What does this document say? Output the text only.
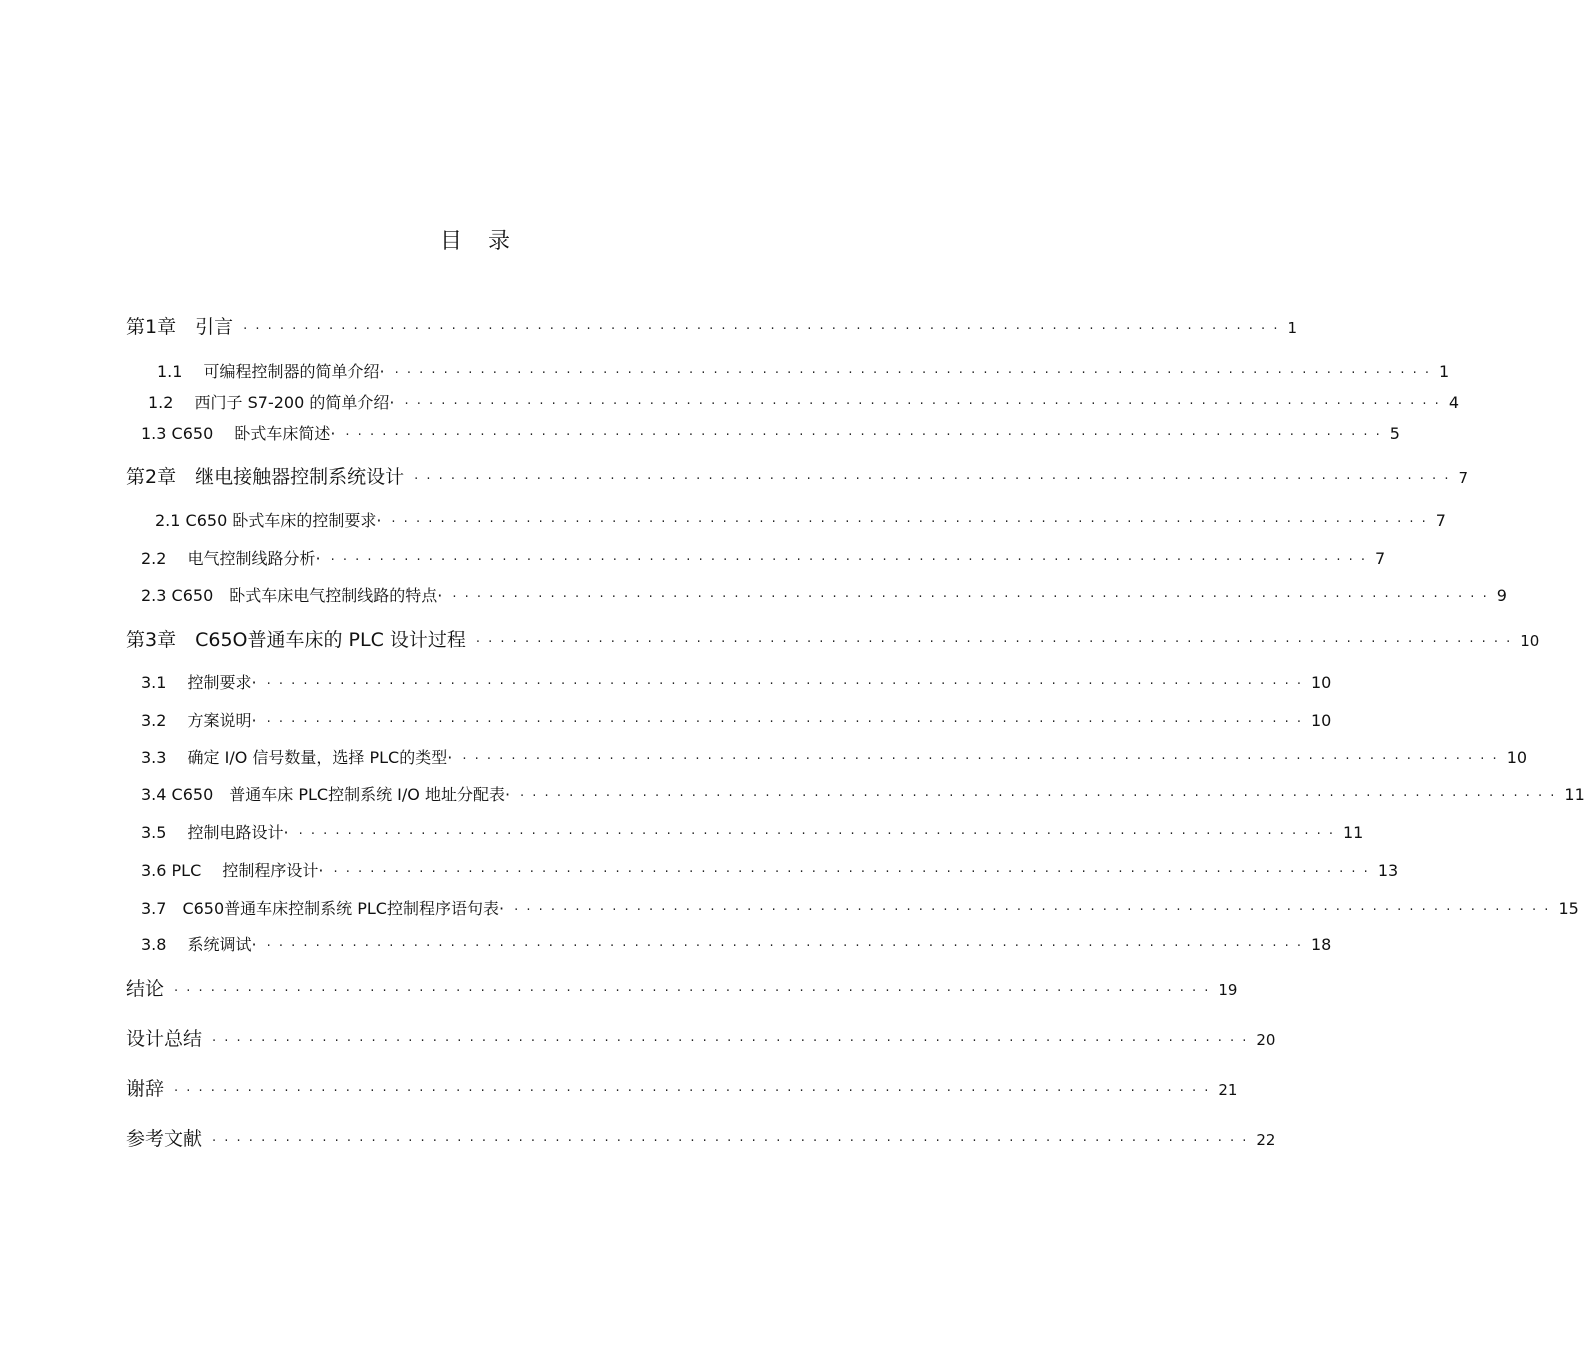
目录
第1章　引言 · · · · · · · · · · · · · · · · · · · · · · · · · · · · · · · · · · · · · · · · · · · · · · · · · · · · · · · · · · · · · · · · · · · · · · · · · · · · · · · · · · · · · 1
1.1　 可编程控制器的简单介绍· · · · · · · · · · · · · · · · · · · · · · · · · · · · · · · · · · · · · · · · · · · · · · · · · · · · · · · · · · · · · · · · · · · · · · · · · · · · · · · · · · · · · · 1
1.2　 西门子 S7-200 的简单介绍· · · · · · · · · · · · · · · · · · · · · · · · · · · · · · · · · · · · · · · · · · · · · · · · · · · · · · · · · · · · · · · · · · · · · · · · · · · · · · · · · · · · · · 4
1.3 C650　 卧式车床简述· · · · · · · · · · · · · · · · · · · · · · · · · · · · · · · · · · · · · · · · · · · · · · · · · · · · · · · · · · · · · · · · · · · · · · · · · · · · · · · · · · · · · · 5
第2章　继电接触器控制系统设计 · · · · · · · · · · · · · · · · · · · · · · · · · · · · · · · · · · · · · · · · · · · · · · · · · · · · · · · · · · · · · · · · · · · · · · · · · · · · · · · · · · · · · 7
2.1 C650 卧式车床的控制要求· · · · · · · · · · · · · · · · · · · · · · · · · · · · · · · · · · · · · · · · · · · · · · · · · · · · · · · · · · · · · · · · · · · · · · · · · · · · · · · · · · · · · · 7
2.2　 电气控制线路分析· · · · · · · · · · · · · · · · · · · · · · · · · · · · · · · · · · · · · · · · · · · · · · · · · · · · · · · · · · · · · · · · · · · · · · · · · · · · · · · · · · · · · · 7
2.3 C650　卧式车床电气控制线路的特点· · · · · · · · · · · · · · · · · · · · · · · · · · · · · · · · · · · · · · · · · · · · · · · · · · · · · · · · · · · · · · · · · · · · · · · · · · · · · · · · · · · · · · 9
第3章　C65O普通车床的 PLC 设计过程 · · · · · · · · · · · · · · · · · · · · · · · · · · · · · · · · · · · · · · · · · · · · · · · · · · · · · · · · · · · · · · · · · · · · · · · · · · · · · · · · · · · · · 10
3.1　 控制要求· · · · · · · · · · · · · · · · · · · · · · · · · · · · · · · · · · · · · · · · · · · · · · · · · · · · · · · · · · · · · · · · · · · · · · · · · · · · · · · · · · · · · · 10
3.2　 方案说明· · · · · · · · · · · · · · · · · · · · · · · · · · · · · · · · · · · · · · · · · · · · · · · · · · · · · · · · · · · · · · · · · · · · · · · · · · · · · · · · · · · · · · 10
3.3　 确定 I/O 信号数量，选择 PLC的类型· · · · · · · · · · · · · · · · · · · · · · · · · · · · · · · · · · · · · · · · · · · · · · · · · · · · · · · · · · · · · · · · · · · · · · · · · · · · · · · · · · · · · · 10
3.4 C650　普通车床 PLC控制系统 I/O 地址分配表· · · · · · · · · · · · · · · · · · · · · · · · · · · · · · · · · · · · · · · · · · · · · · · · · · · · · · · · · · · · · · · · · · · · · · · · · · · · · · · · · · · · · · 11
3.5　 控制电路设计· · · · · · · · · · · · · · · · · · · · · · · · · · · · · · · · · · · · · · · · · · · · · · · · · · · · · · · · · · · · · · · · · · · · · · · · · · · · · · · · · · · · · · 11
3.6 PLC　 控制程序设计· · · · · · · · · · · · · · · · · · · · · · · · · · · · · · · · · · · · · · · · · · · · · · · · · · · · · · · · · · · · · · · · · · · · · · · · · · · · · · · · · · · · · · 13
3.7　C650普通车床控制系统 PLC控制程序语句表· · · · · · · · · · · · · · · · · · · · · · · · · · · · · · · · · · · · · · · · · · · · · · · · · · · · · · · · · · · · · · · · · · · · · · · · · · · · · · · · · · · · · · 15
3.8　 系统调试· · · · · · · · · · · · · · · · · · · · · · · · · · · · · · · · · · · · · · · · · · · · · · · · · · · · · · · · · · · · · · · · · · · · · · · · · · · · · · · · · · · · · · 18
结论 · · · · · · · · · · · · · · · · · · · · · · · · · · · · · · · · · · · · · · · · · · · · · · · · · · · · · · · · · · · · · · · · · · · · · · · · · · · · · · · · · · · · · 19
设计总结 · · · · · · · · · · · · · · · · · · · · · · · · · · · · · · · · · · · · · · · · · · · · · · · · · · · · · · · · · · · · · · · · · · · · · · · · · · · · · · · · · · · · · 20
谢辞 · · · · · · · · · · · · · · · · · · · · · · · · · · · · · · · · · · · · · · · · · · · · · · · · · · · · · · · · · · · · · · · · · · · · · · · · · · · · · · · · · · · · · 21
参考文献 · · · · · · · · · · · · · · · · · · · · · · · · · · · · · · · · · · · · · · · · · · · · · · · · · · · · · · · · · · · · · · · · · · · · · · · · · · · · · · · · · · · · · 22
